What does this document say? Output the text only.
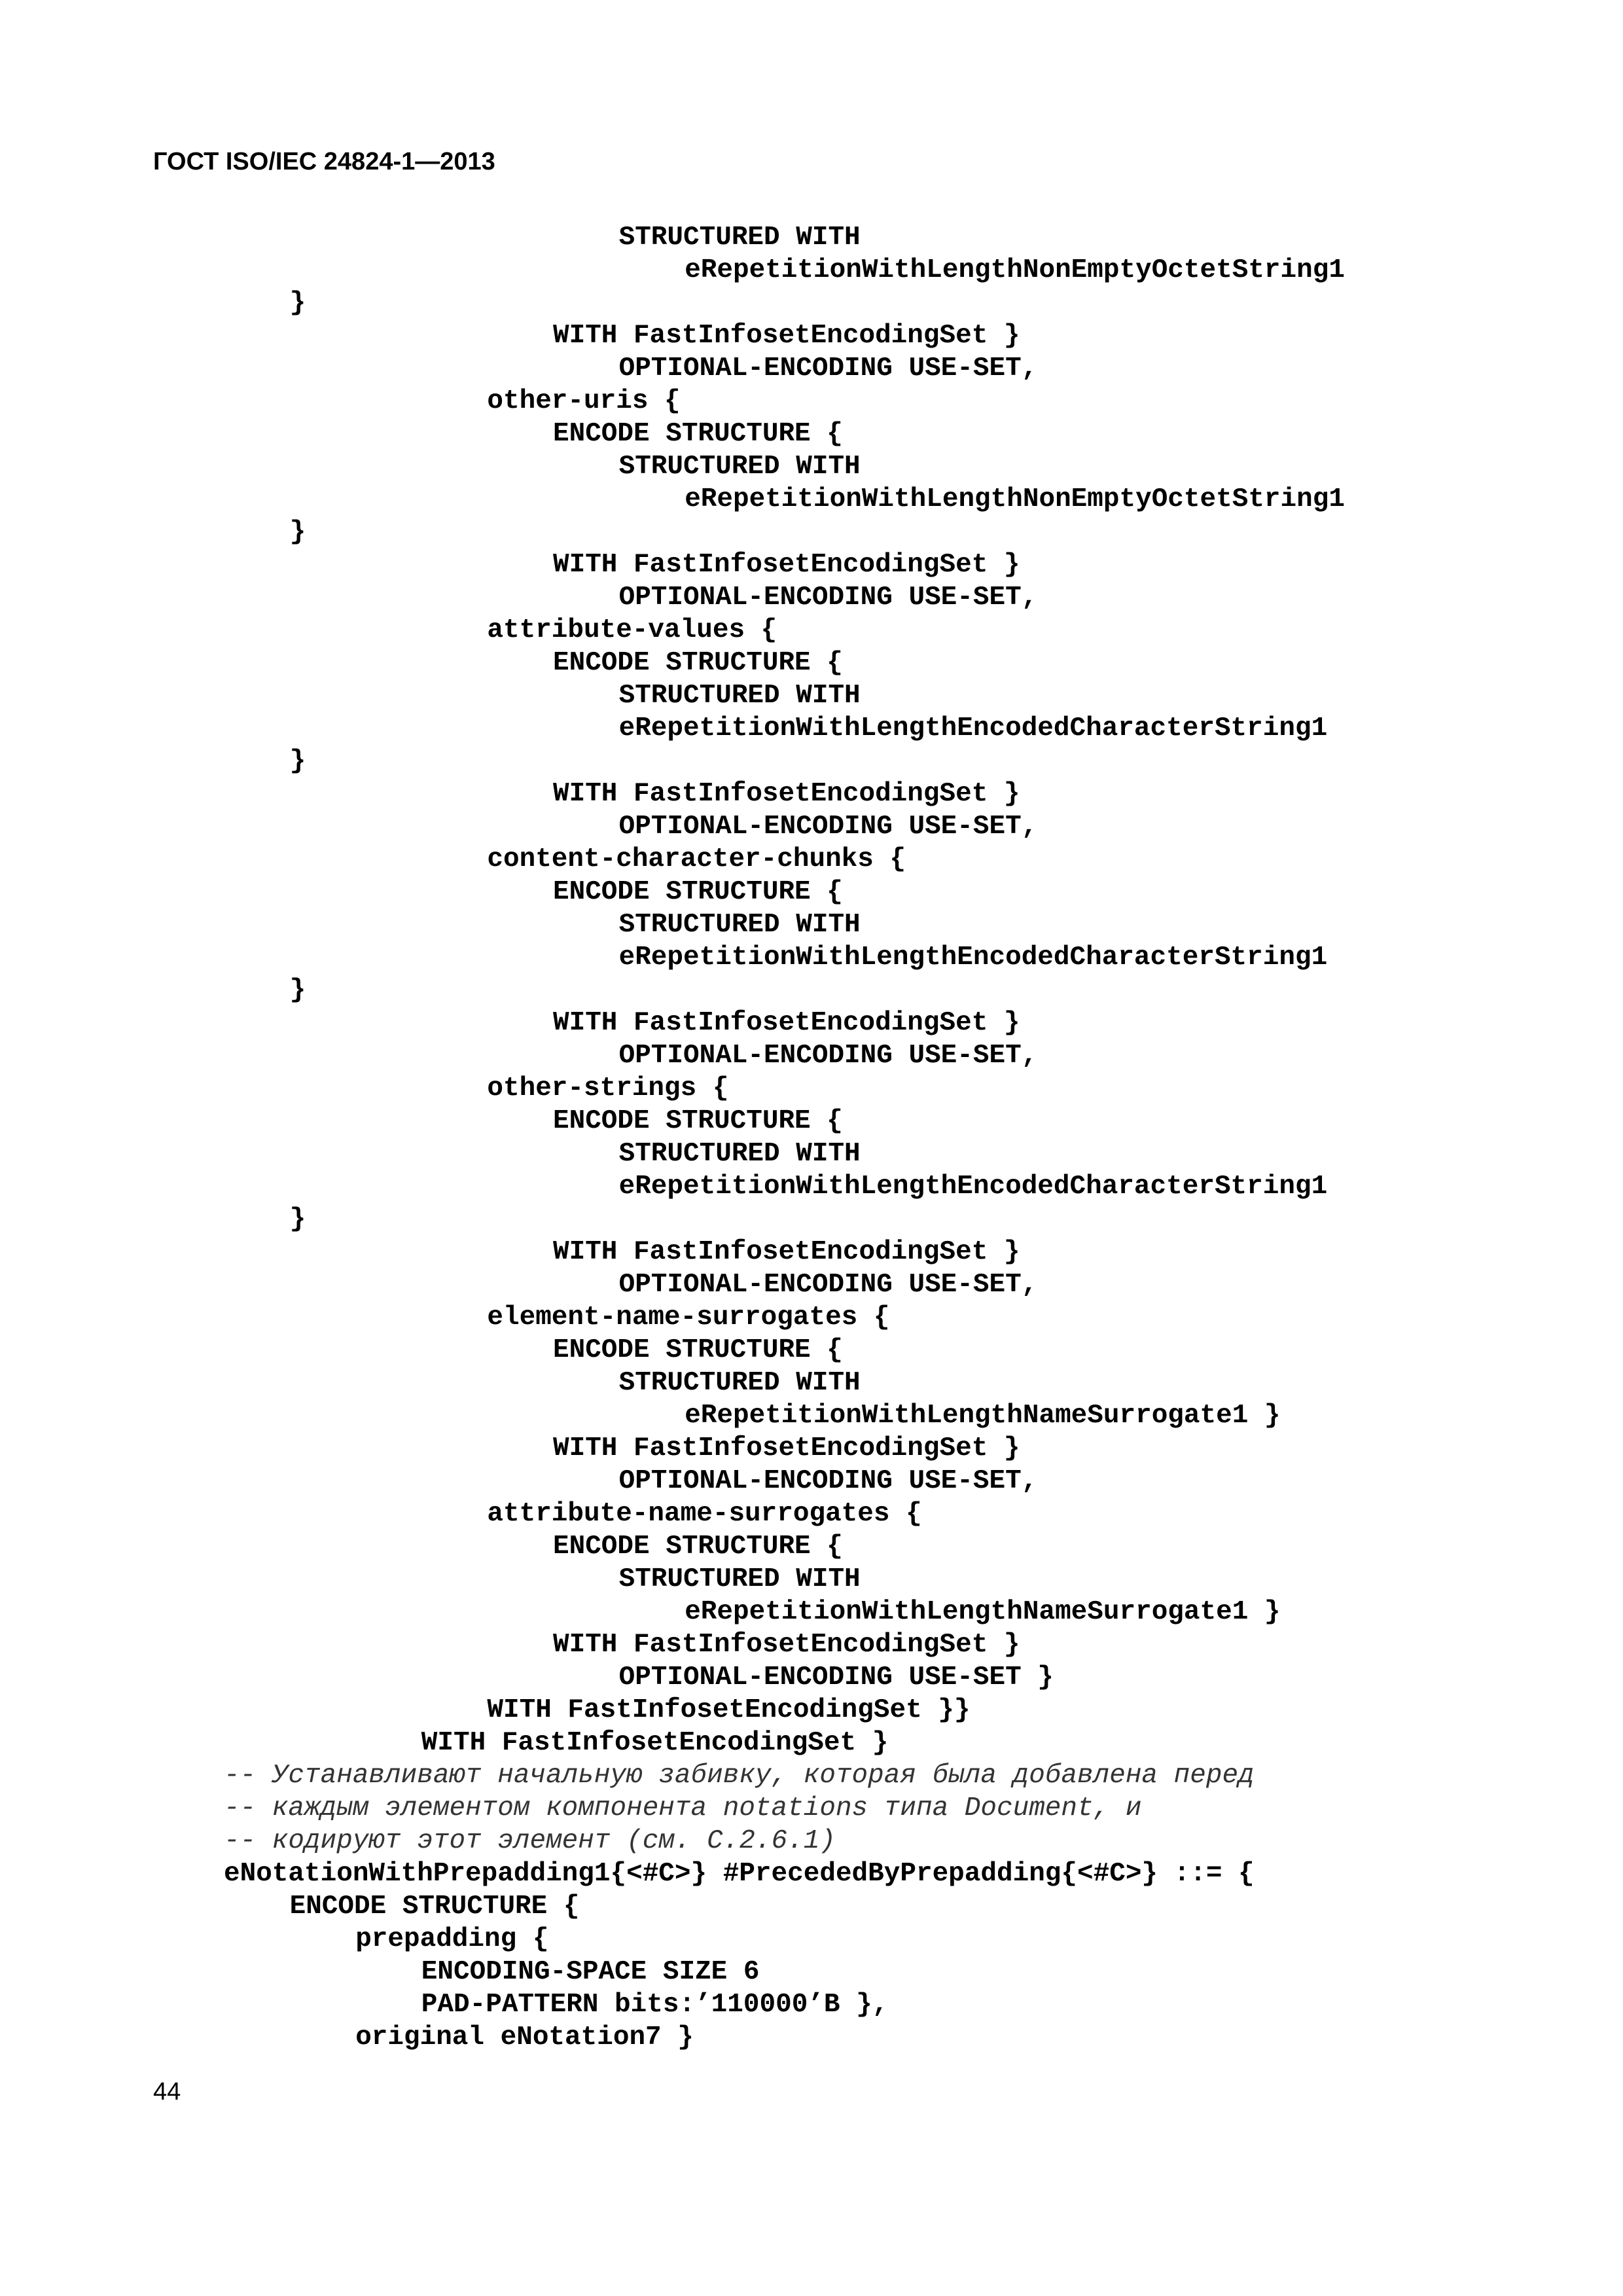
ГОСТ ISO/IEC 24824-1—2013
STRUCTURED WITH
eRepetitionWithLengthNonEmptyOctetString1
}
WITH FastInfosetEncodingSet }
OPTIONAL-ENCODING USE-SET,
other-uris {
ENCODE STRUCTURE {
STRUCTURED WITH
eRepetitionWithLengthNonEmptyOctetString1
}
WITH FastInfosetEncodingSet }
OPTIONAL-ENCODING USE-SET,
attribute-values {
ENCODE STRUCTURE {
STRUCTURED WITH
eRepetitionWithLengthEncodedCharacterString1
}
WITH FastInfosetEncodingSet }
OPTIONAL-ENCODING USE-SET,
content-character-chunks {
ENCODE STRUCTURE {
STRUCTURED WITH
eRepetitionWithLengthEncodedCharacterString1
}
WITH FastInfosetEncodingSet }
OPTIONAL-ENCODING USE-SET,
other-strings {
ENCODE STRUCTURE {
STRUCTURED WITH
eRepetitionWithLengthEncodedCharacterString1
}
WITH FastInfosetEncodingSet }
OPTIONAL-ENCODING USE-SET,
element-name-surrogates {
ENCODE STRUCTURE {
STRUCTURED WITH
eRepetitionWithLengthNameSurrogate1 }
WITH FastInfosetEncodingSet }
OPTIONAL-ENCODING USE-SET,
attribute-name-surrogates {
ENCODE STRUCTURE {
STRUCTURED WITH
eRepetitionWithLengthNameSurrogate1 }
WITH FastInfosetEncodingSet }
OPTIONAL-ENCODING USE-SET }
WITH FastInfosetEncodingSet }}
WITH FastInfosetEncodingSet }
-- Устанавливают начальную забивку, которая была добавлена перед
-- каждым элементом компонента notations типа Document, и
-- кодируют этот элемент (см. С.2.6.1)
eNotationWithPrepadding1{<#C>} #PrecededByPrepadding{<#C>} ::= {
ENCODE STRUCTURE {
prepadding {
ENCODING-SPACE SIZE 6
PAD-PATTERN bits:’110000’B },
original eNotation7 }
44
